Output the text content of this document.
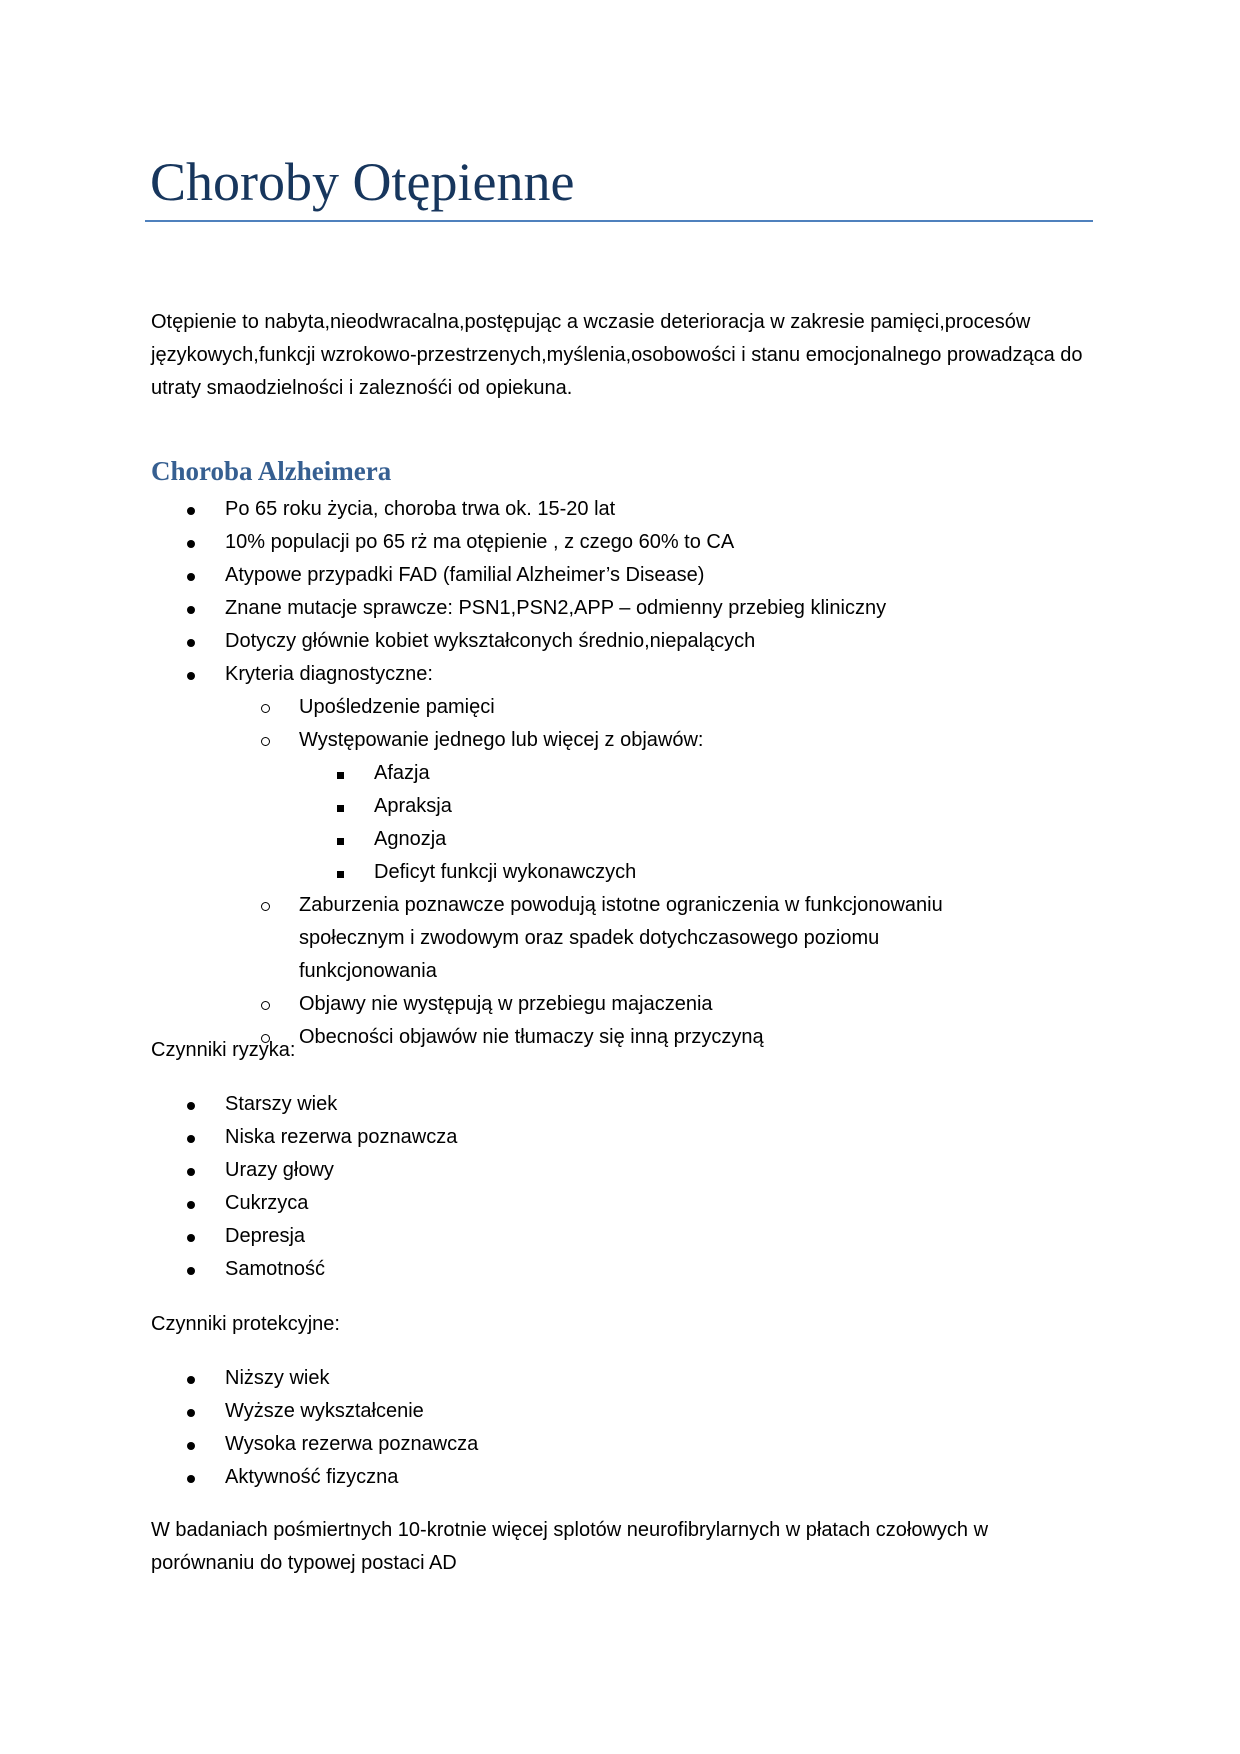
Choroby Otępienne
Otępienie to nabyta,nieodwracalna,postępując a wczasie deterioracja w zakresie pamięci,procesów językowych,funkcji wzrokowo-przestrzenych,myślenia,osobowości i stanu emocjonalnego prowadząca do utraty smaodzielności i zaleznośći od opiekuna.
Choroba Alzheimera
Po 65 roku życia, choroba trwa ok. 15-20 lat
10% populacji po 65 rż ma otępienie , z czego 60% to CA
Atypowe przypadki FAD (familial Alzheimer’s Disease)
Znane mutacje sprawcze: PSN1,PSN2,APP – odmienny przebieg kliniczny
Dotyczy głównie kobiet wykształconych średnio,niepalących
Kryteria diagnostyczne:
Upośledzenie pamięci
Występowanie jednego lub więcej z objawów:
Afazja
Apraksja
Agnozja
Deficyt funkcji wykonawczych
Zaburzenia poznawcze powodują istotne ograniczenia w funkcjonowaniu społecznym i zwodowym oraz spadek dotychczasowego poziomu funkcjonowania
Objawy nie występują w przebiegu majaczenia
Obecności objawów nie tłumaczy się inną przyczyną
Czynniki ryzyka:
Starszy wiek
Niska rezerwa poznawcza
Urazy głowy
Cukrzyca
Depresja
Samotność
Czynniki protekcyjne:
Niższy wiek
Wyższe wykształcenie
Wysoka rezerwa poznawcza
Aktywność fizyczna
W badaniach pośmiertnych 10-krotnie więcej splotów neurofibrylarnych w płatach czołowych w porównaniu do typowej postaci AD
